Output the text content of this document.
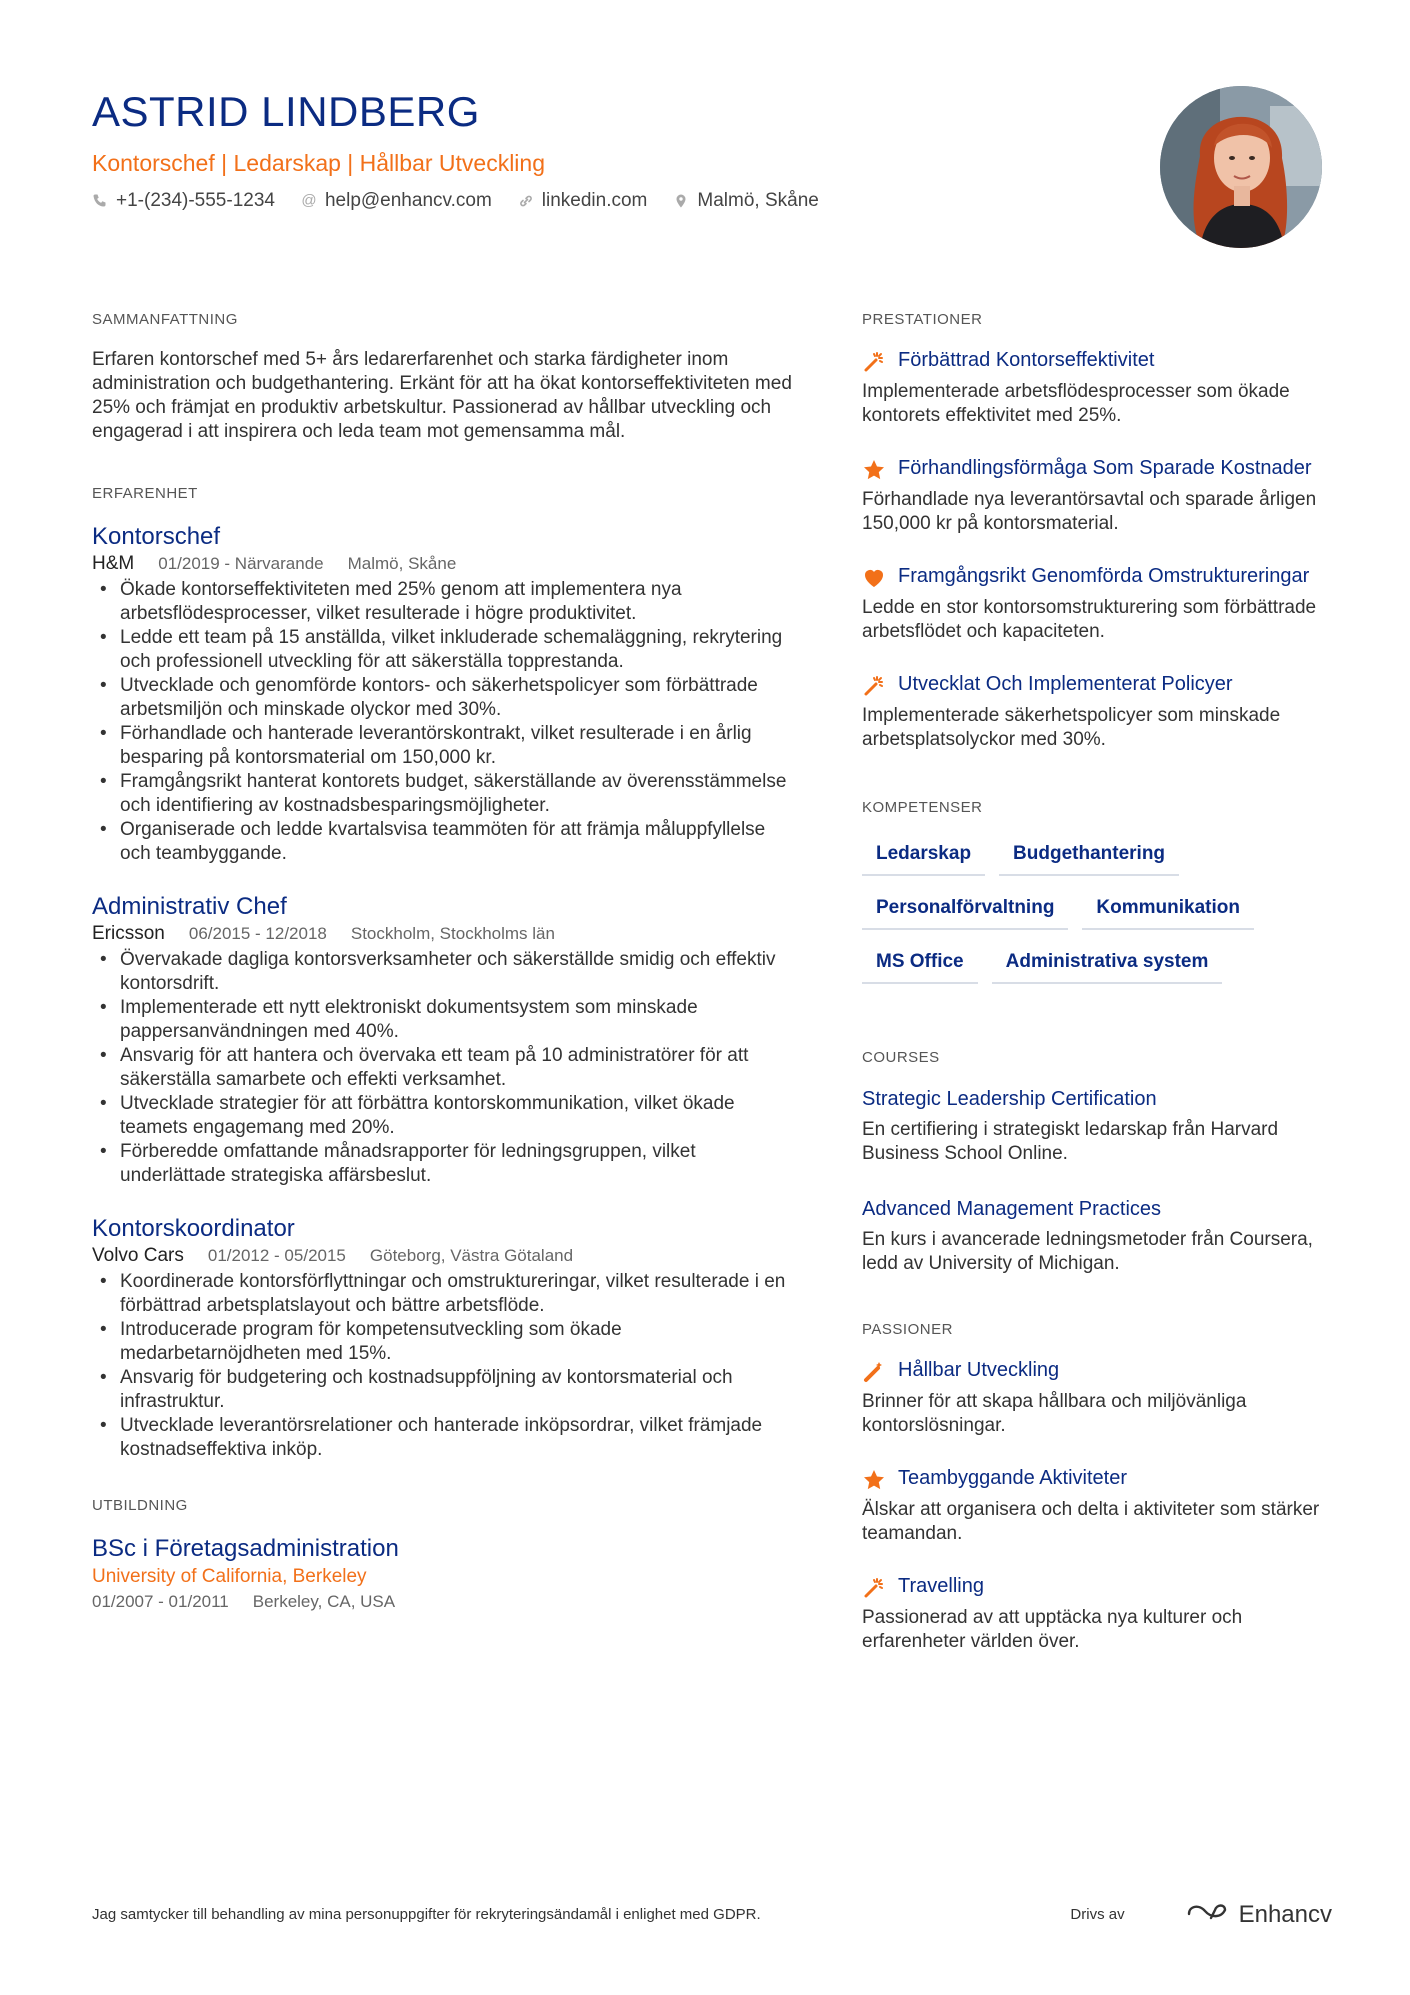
ASTRID LINDBERG
Kontorschef | Ledarskap | Hållbar Utveckling
+1-(234)-555-1234 @ help@enhancv.com	linkedin.com	Malmö, Skåne
SAMMANFATTNING
Erfaren kontorschef med 5+ års ledarerfarenhet och starka färdigheter inom administration och budgethantering. Erkänt för att ha ökat kontorseffektiviteten med 25% och främjat en produktiv arbetskultur. Passionerad av hållbar utveckling och engagerad i att inspirera och leda team mot gemensamma mål.
ERFARENHET
Kontorschef
H&M 01/2019 - Närvarande Malmö, Skåne
• Ökade kontorseffektiviteten med 25% genom att implementera nya arbetsflödesprocesser, vilket resulterade i högre produktivitet.
• Ledde ett team på 15 anställda, vilket inkluderade schemaläggning, rekrytering och professionell utveckling för att säkerställa topprestanda.
• Utvecklade och genomförde kontors- och säkerhetspolicyer som förbättrade arbetsmiljön och minskade olyckor med 30%.
• Förhandlade och hanterade leverantörskontrakt, vilket resulterade i en årlig besparing på kontorsmaterial om 150,000 kr.
• Framgångsrikt hanterat kontorets budget, säkerställande av överensstämmelse och identifiering av kostnadsbesparingsmöjligheter.
• Organiserade och ledde kvartalsvisa teammöten för att främja måluppfyllelse och teambyggande.
Administrativ Chef
Ericsson 06/2015 - 12/2018 Stockholm, Stockholms län
• Övervakade dagliga kontorsverksamheter och säkerställde smidig och effektiv kontorsdrift.
• Implementerade ett nytt elektroniskt dokumentsystem som minskade pappersanvändningen med 40%.
• Ansvarig för att hantera och övervaka ett team på 10 administratörer för att säkerställa samarbete och effekti verksamhet.
• Utvecklade strategier för att förbättra kontorskommunikation, vilket ökade teamets engagemang med 20%.
• Förberedde omfattande månadsrapporter för ledningsgruppen, vilket underlättade strategiska affärsbeslut.
Kontorskoordinator
Volvo Cars 01/2012 - 05/2015 Göteborg, Västra Götaland
• Koordinerade kontorsförflyttningar och omstruktureringar, vilket resulterade i en förbättrad arbetsplatslayout och bättre arbetsflöde.
• Introducerade program för kompetensutveckling som ökade medarbetarnöjdheten med 15%.
• Ansvarig för budgetering och kostnadsuppföljning av kontorsmaterial och infrastruktur.
• Utvecklade leverantörsrelationer och hanterade inköpsordrar, vilket främjade kostnadseffektiva inköp.
UTBILDNING
BSc i Företagsadministration
University of California, Berkeley
01/2007 - 01/2011 Berkeley, CA, USA
PRESTATIONER
Förbättrad Kontorseffektivitet
Implementerade arbetsflödesprocesser som ökade kontorets effektivitet med 25%.
Förhandlingsförmåga Som Sparade Kostnader
Förhandlade nya leverantörsavtal och sparade årligen 150,000 kr på kontorsmaterial.
Framgångsrikt Genomförda Omstruktureringar
Ledde en stor kontorsomstrukturering som förbättrade arbetsflödet och kapaciteten.
Utvecklat Och Implementerat Policyer
Implementerade säkerhetspolicyer som minskade arbetsplatsolyckor med 30%.
KOMPETENSER
Ledarskap	Budgethantering
Personalförvaltning	Kommunikation
MS Office	Administrativa system
COURSES
Strategic Leadership Certification
En certifiering i strategiskt ledarskap från Harvard Business School Online.
Advanced Management Practices
En kurs i avancerade ledningsmetoder från Coursera, ledd av University of Michigan.
PASSIONER
Hållbar Utveckling
Brinner för att skapa hållbara och miljövänliga kontorslösningar.
Teambyggande Aktiviteter
Älskar att organisera och delta i aktiviteter som stärker teamandan.
Travelling
Passionerad av att upptäcka nya kulturer och erfarenheter världen över.
Jag samtycker till behandling av mina personuppgifter för rekryteringsändamål i enlighet med GDPR.	Drivs av	Enhancv
